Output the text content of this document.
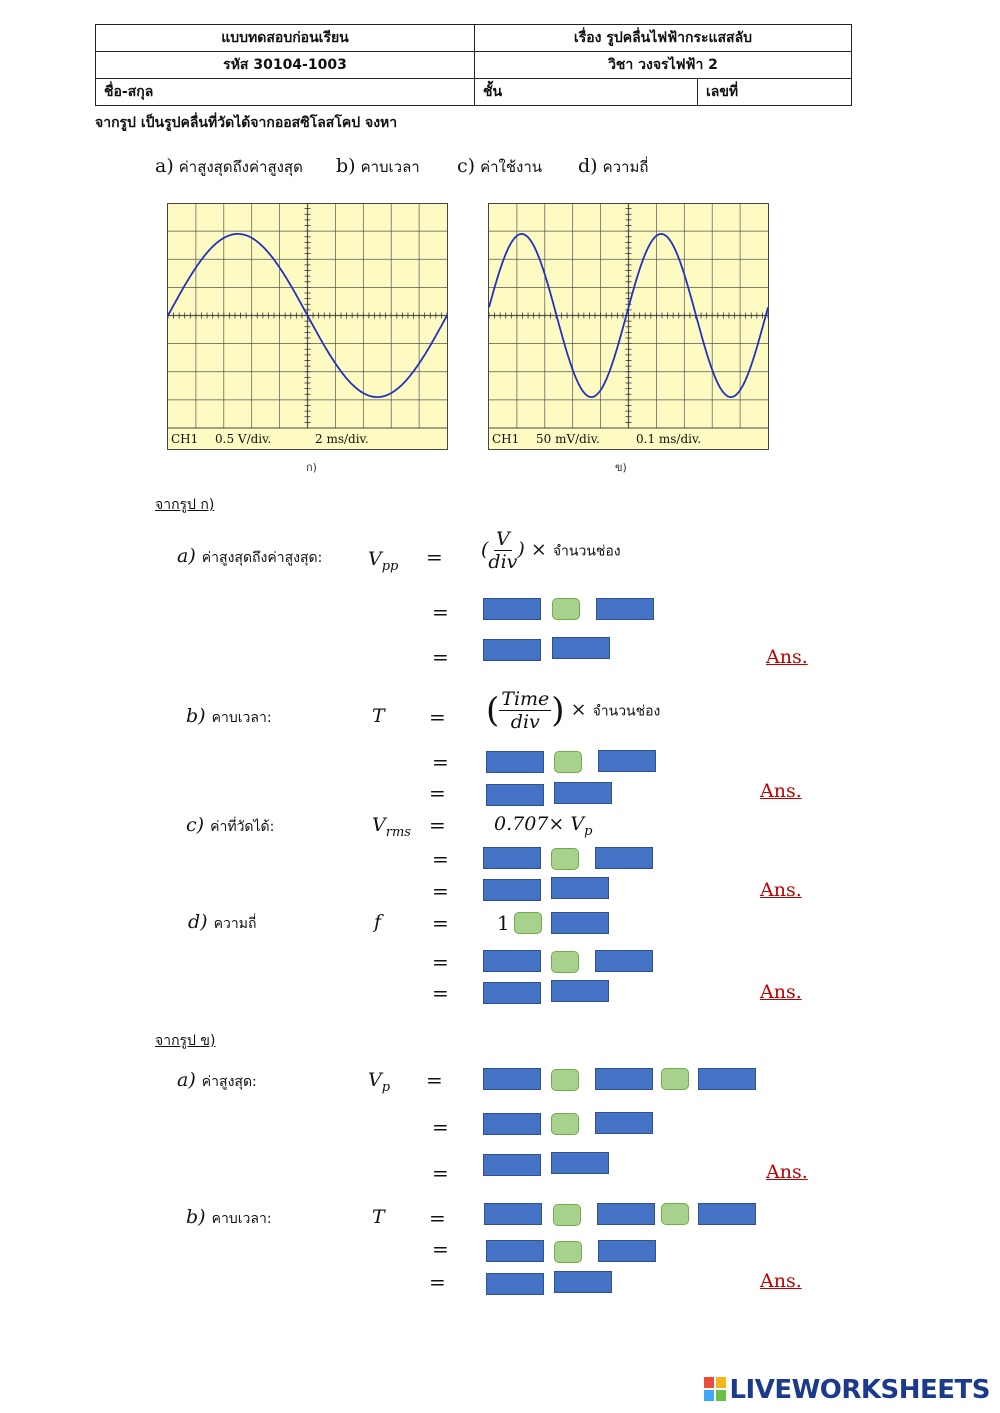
แบบทดสอบก่อนเรียน	เรื่อง รูปคลื่นไฟฟ้ากระแสสลับ	
รหัส 30104-1003	วิชา วงจรไฟฟ้า 2	
ชื่อ-สกุล	ชั้น	เลขที่
จากรูป เป็นรูปคลื่นที่วัดได้จากออสซิโลสโคป จงหา
a) ค่าสูงสุดถึงค่าสูงสุด b) คาบเวลา c) ค่าใช้งาน d) ความถี่
CH1 0.5 V/div.	2 ms/div.	CH1 50 mV/div.	0.1 ms/div.
ก)	ข)
จากรูป ก)
a) ค่าสูงสุดถึงค่าสูงสุด: $V_{pp}$ = ( $\frac{V}{\text{div}}$ ) × จำนวนช่อง
=
=	Ans.
b) คาบเวลา:	T = ( $\frac{\text{Time}}{\text{div}}$ ) × จำนวนช่อง
=
=	Ans.
c) ค่าที่วัดได้:	$V_{rms}$ =	$0.707\times V_p$
=
=	Ans.
d) ความถี่	f	= 1
=
=	Ans.
จากรูป ข)
a) ค่าสูงสุด:	$V_p$ =
=
=	Ans.
b) คาบเวลา:	T =
=
=	Ans.
LIVEWORKSHEETS
